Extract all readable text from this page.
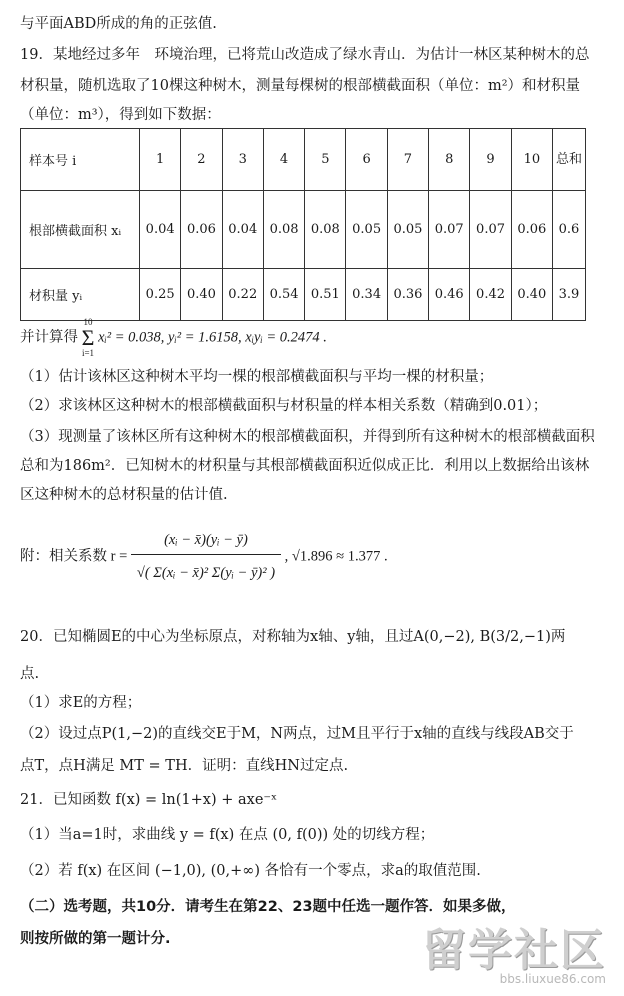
与平面ABD所成的角的正弦值.
19．某地经过多年　环境治理，已将荒山改造成了绿水青山．为估计一林区某种树木的总
材积量，随机选取了10棵这种树木，测量每棵树的根部横截面积（单位：m²）和材积量
（单位：m³），得到如下数据：
样本号 i	1	2	3	4	5	6	7	8	9	10	总和
根部横截面积 xᵢ	0.04	0.06	0.04	0.08	0.08	0.05	0.05	0.07	0.07	0.06	0.6
材积量 yᵢ	0.25	0.40	0.22	0.54	0.51	0.34	0.36	0.46	0.42	0.40	3.9
并计算得
10
Σ
i=1
xᵢ² = 0.038, yᵢ² = 1.6158, xᵢyᵢ = 0.2474 .
（1）估计该林区这种树木平均一棵的根部横截面积与平均一棵的材积量；
（2）求该林区这种树木的根部横截面积与材积量的样本相关系数（精确到0.01）；
（3）现测量了该林区所有这种树木的根部横截面积，并得到所有这种树木的根部横截面积
总和为186m²．已知树木的材积量与其根部横截面积近似成正比．利用以上数据给出该林
区这种树木的总材积量的估计值.
附：相关系数 $r = \frac{\text{(xᵢ − x̄)(yᵢ − ȳ)}}{\text{√( Σ(xᵢ − x̄)² Σ(yᵢ − ȳ)² )}}$ , √1.896 ≈ 1.377 .
20．已知椭圆E的中心为坐标原点，对称轴为x轴、y轴，且过A(0,−2), B(3/2,−1)两
点.
（1）求E的方程；
（2）设过点P(1,−2)的直线交E于M，N两点，过M且平行于x轴的直线与线段AB交于
点T，点H满足 MT = TH．证明：直线HN过定点.
21．已知函数 f(x) = ln(1+x) + axe⁻ˣ
（1）当a=1时，求曲线 y = f(x) 在点 (0, f(0)) 处的切线方程；
（2）若 f(x) 在区间 (−1,0), (0,+∞) 各恰有一个零点，求a的取值范围.
（二）选考题，共10分．请考生在第22、23题中任选一题作答．如果多做，
则按所做的第一题计分.	留学社区
bbs.liuxue86.com
